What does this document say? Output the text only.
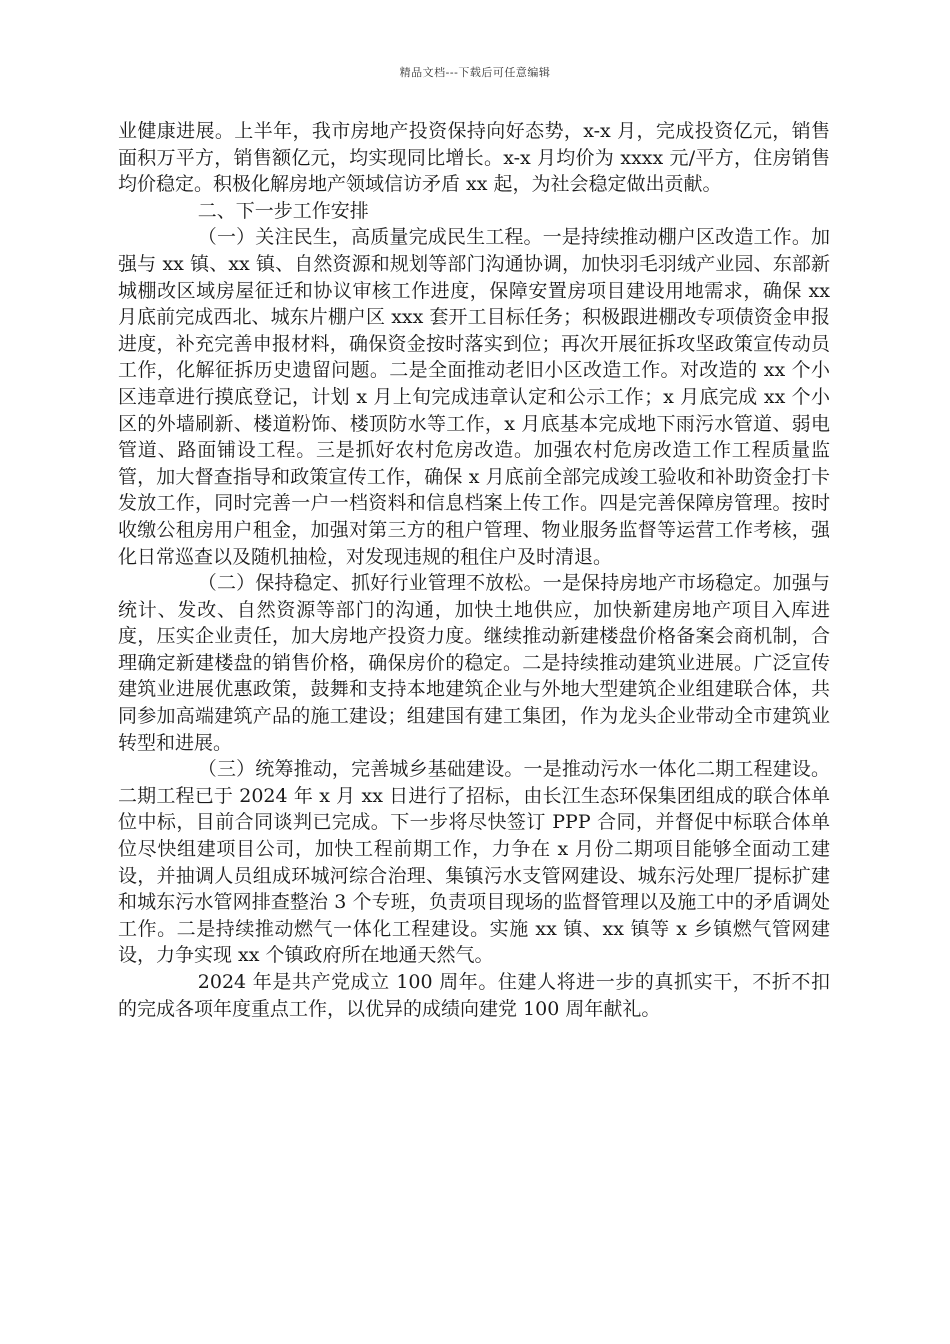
精品文档---下载后可任意编辑

业健康进展。上半年，我市房地产投资保持向好态势，x-x 月，完成投资亿元，销售面积万平方，销售额亿元，均实现同比增长。x-x 月均价为 xxxx 元/平方，住房销售均价稳定。积极化解房地产领域信访矛盾 xx 起，为社会稳定做出贡献。

二、下一步工作安排

（一）关注民生，高质量完成民生工程。一是持续推动棚户区改造工作。加强与 xx 镇、xx 镇、自然资源和规划等部门沟通协调，加快羽毛羽绒产业园、东部新城棚改区域房屋征迁和协议审核工作进度，保障安置房项目建设用地需求，确保 xx 月底前完成西北、城东片棚户区 xxx 套开工目标任务；积极跟进棚改专项债资金申报进度，补充完善申报材料，确保资金按时落实到位；再次开展征拆攻坚政策宣传动员工作，化解征拆历史遗留问题。二是全面推动老旧小区改造工作。对改造的 xx 个小区违章进行摸底登记，计划 x 月上旬完成违章认定和公示工作；x 月底完成 xx 个小区的外墙刷新、楼道粉饰、楼顶防水等工作，x 月底基本完成地下雨污水管道、弱电管道、路面铺设工程。三是抓好农村危房改造。加强农村危房改造工作工程质量监管，加大督查指导和政策宣传工作，确保 x 月底前全部完成竣工验收和补助资金打卡发放工作，同时完善一户一档资料和信息档案上传工作。四是完善保障房管理。按时收缴公租房用户租金，加强对第三方的租户管理、物业服务监督等运营工作考核，强化日常巡查以及随机抽检，对发现违规的租住户及时清退。

（二）保持稳定、抓好行业管理不放松。一是保持房地产市场稳定。加强与统计、发改、自然资源等部门的沟通，加快土地供应，加快新建房地产项目入库进度，压实企业责任，加大房地产投资力度。继续推动新建楼盘价格备案会商机制，合理确定新建楼盘的销售价格，确保房价的稳定。二是持续推动建筑业进展。广泛宣传建筑业进展优惠政策，鼓舞和支持本地建筑企业与外地大型建筑企业组建联合体，共同参加高端建筑产品的施工建设；组建国有建工集团，作为龙头企业带动全市建筑业转型和进展。

（三）统筹推动，完善城乡基础建设。一是推动污水一体化二期工程建设。二期工程已于 2024 年 x 月 xx 日进行了招标，由长江生态环保集团组成的联合体单位中标，目前合同谈判已完成。下一步将尽快签订 PPP 合同，并督促中标联合体单位尽快组建项目公司，加快工程前期工作，力争在 x 月份二期项目能够全面动工建设，并抽调人员组成环城河综合治理、集镇污水支管网建设、城东污处理厂提标扩建和城东污水管网排查整治 3 个专班，负责项目现场的监督管理以及施工中的矛盾调处工作。二是持续推动燃气一体化工程建设。实施 xx 镇、xx 镇等 x 乡镇燃气管网建设，力争实现 xx 个镇政府所在地通天然气。

2024 年是共产党成立 100 周年。住建人将进一步的真抓实干，不折不扣的完成各项年度重点工作，以优异的成绩向建党 100 周年献礼。
